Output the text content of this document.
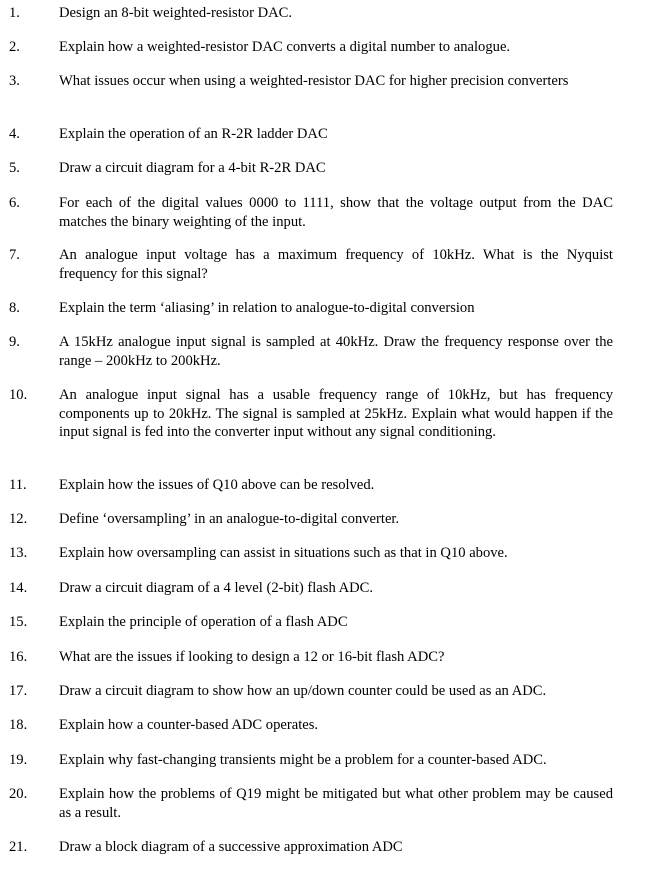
1.	Design an 8-bit weighted-resistor DAC.
2.	Explain how a weighted-resistor DAC converts a digital number to analogue.
3.	What issues occur when using a weighted-resistor DAC for higher precision converters
4.	Explain the operation of an R-2R ladder DAC
5.	Draw a circuit diagram for a 4-bit R-2R DAC
6.	For each of the digital values 0000 to 1111, show that the voltage output from the DAC matches the binary weighting of the input.
7.	An analogue input voltage has a maximum frequency of 10kHz. What is the Nyquist frequency for this signal?
8.	Explain the term ‘aliasing’ in relation to analogue-to-digital conversion
9.	A 15kHz analogue input signal is sampled at 40kHz. Draw the frequency response over the range – 200kHz to 200kHz.
10.	An analogue input signal has a usable frequency range of 10kHz, but has frequency components up to 20kHz. The signal is sampled at 25kHz. Explain what would happen if the input signal is fed into the converter input without any signal conditioning.
11.	Explain how the issues of Q10 above can be resolved.
12.	Define ‘oversampling’ in an analogue-to-digital converter.
13.	Explain how oversampling can assist in situations such as that in Q10 above.
14.	Draw a circuit diagram of a 4 level (2-bit) flash ADC.
15.	Explain the principle of operation of a flash ADC
16.	What are the issues if looking to design a 12 or 16-bit flash ADC?
17.	Draw a circuit diagram to show how an up/down counter could be used as an ADC.
18.	Explain how a counter-based ADC operates.
19.	Explain why fast-changing transients might be a problem for a counter-based ADC.
20.	Explain how the problems of Q19 might be mitigated but what other problem may be caused as a result.
21.	Draw a block diagram of a successive approximation ADC
